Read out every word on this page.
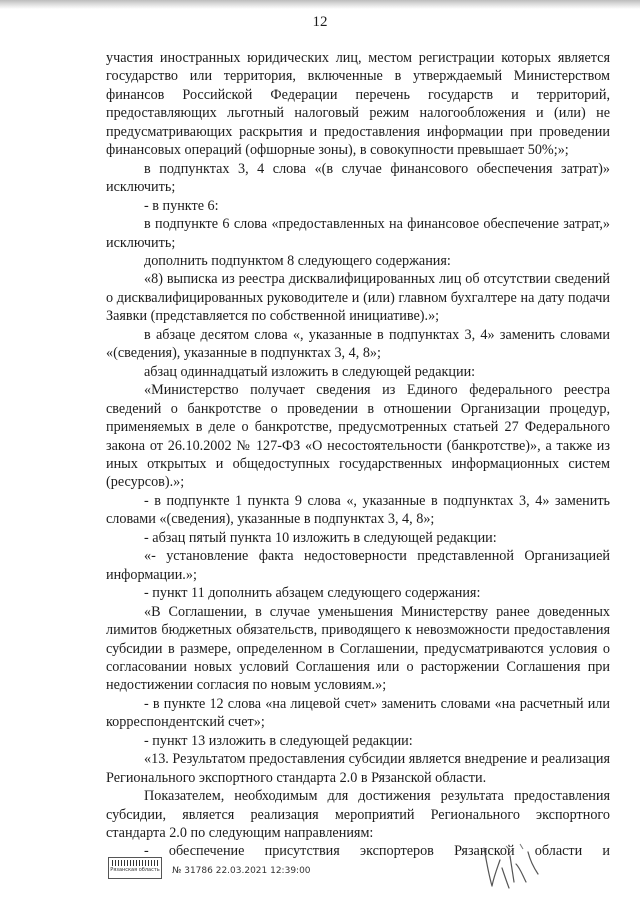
12

участия иностранных юридических лиц, местом регистрации которых является государство или территория, включенные в утверждаемый Министерством финансов Российской Федерации перечень государств и территорий, предоставляющих льготный налоговый режим налогообложения и (или) не предусматривающих раскрытия и предоставления информации при проведении финансовых операций (офшорные зоны), в совокупности превышает 50%;»;

в подпунктах 3, 4 слова «(в случае финансового обеспечения затрат)» исключить;

- в пункте 6:

в подпункте 6 слова «предоставленных на финансовое обеспечение затрат,» исключить;

дополнить подпунктом 8 следующего содержания:

«8) выписка из реестра дисквалифицированных лиц об отсутствии сведений о дисквалифицированных руководителе и (или) главном бухгалтере на дату подачи Заявки (представляется по собственной инициативе).»;

в абзаце десятом слова «, указанные в подпунктах 3, 4» заменить словами «(сведения), указанные в подпунктах 3, 4, 8»;

абзац одиннадцатый изложить в следующей редакции:

«Министерство получает сведения из Единого федерального реестра сведений о банкротстве о проведении в отношении Организации процедур, применяемых в деле о банкротстве, предусмотренных статьей 27 Федерального закона от 26.10.2002 № 127-ФЗ «О несостоятельности (банкротстве)», а также из иных открытых и общедоступных государственных информационных систем (ресурсов).»;

- в подпункте 1 пункта 9 слова «, указанные в подпунктах 3, 4» заменить словами «(сведения), указанные в подпунктах 3, 4, 8»;

- абзац пятый пункта 10 изложить в следующей редакции:

«- установление факта недостоверности представленной Организацией информации.»;

- пункт 11 дополнить абзацем следующего содержания:

«В Соглашении, в случае уменьшения Министерству ранее доведенных лимитов бюджетных обязательств, приводящего к невозможности предоставления субсидии в размере, определенном в Соглашении, предусматриваются условия о согласовании новых условий Соглашения или о расторжении Соглашения при недостижении согласия по новым условиям.»;

- в пункте 12 слова «на лицевой счет» заменить словами «на расчетный или корреспондентский счет»;

- пункт 13 изложить в следующей редакции:

«13. Результатом предоставления субсидии является внедрение и реализация Регионального экспортного стандарта 2.0 в Рязанской области.

Показателем, необходимым для достижения результата предоставления субсидии, является реализация мероприятий Регионального экспортного стандарта 2.0 по следующим направлениям:

- обеспечение присутствия экспортеров Рязанской области и

Рязанская область № 31786 22.03.2021 12:39:00
